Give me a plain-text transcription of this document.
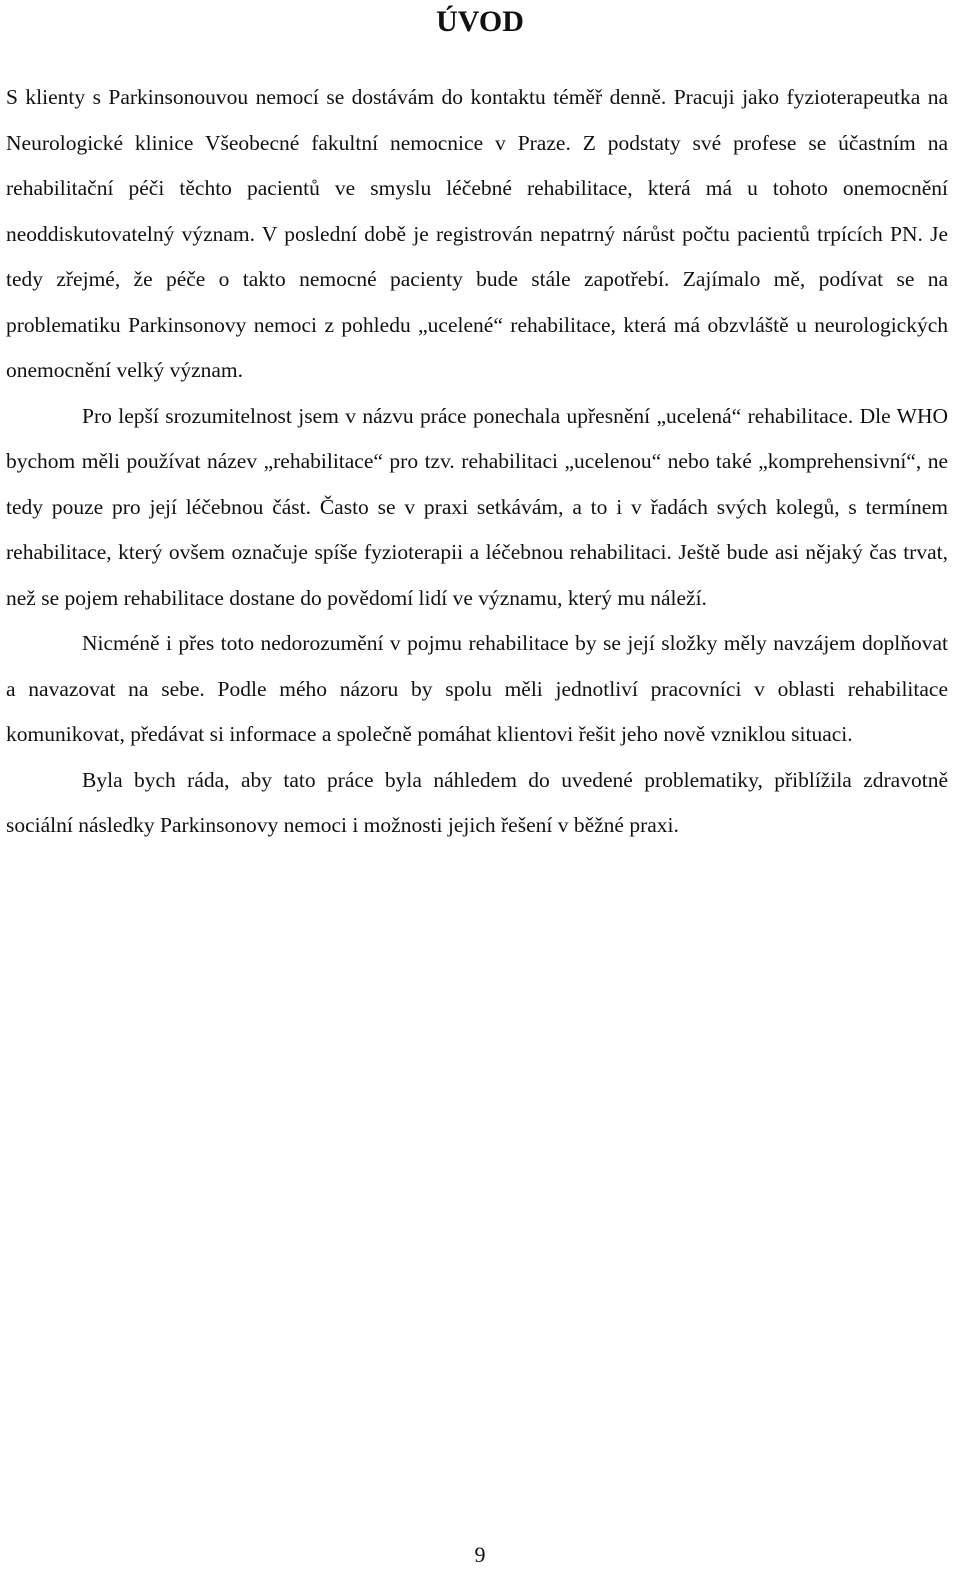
ÚVOD

S klienty s Parkinsonouvou nemocí se dostávám do kontaktu téměř denně. Pracuji jako fyzioterapeutka na Neurologické klinice Všeobecné fakultní nemocnice v Praze. Z podstaty své profese se účastním na rehabilitační péči těchto pacientů ve smyslu léčebné rehabilitace, která má u tohoto onemocnění neoddiskutovatelný význam. V poslední době je registrován nepatrný nárůst počtu pacientů trpících PN. Je tedy zřejmé, že péče o takto nemocné pacienty bude stále zapotřebí. Zajímalo mě, podívat se na problematiku Parkinsonovy nemoci z pohledu „ucelené“ rehabilitace, která má obzvláště u neurologických onemocnění velký význam.

Pro lepší srozumitelnost jsem v názvu práce ponechala upřesnění „ucelená“ rehabilitace. Dle WHO bychom měli používat název „rehabilitace“ pro tzv. rehabilitaci „ucelenou“ nebo také „komprehensivní“, ne tedy pouze pro její léčebnou část. Často se v praxi setkávám, a to i v řadách svých kolegů, s termínem rehabilitace, který ovšem označuje spíše fyzioterapii a léčebnou rehabilitaci. Ještě bude asi nějaký čas trvat, než se pojem rehabilitace dostane do povědomí lidí ve významu, který mu náleží.

Nicméně i přes toto nedorozumění v pojmu rehabilitace by se její složky měly navzájem doplňovat a navazovat na sebe. Podle mého názoru by spolu měli jednotliví pracovníci v oblasti rehabilitace komunikovat, předávat si informace a společně pomáhat klientovi řešit jeho nově vzniklou situaci.

Byla bych ráda, aby tato práce byla náhledem do uvedené problematiky, přiblížila zdravotně sociální následky Parkinsonovy nemoci i možnosti jejich řešení v běžné praxi.

9
